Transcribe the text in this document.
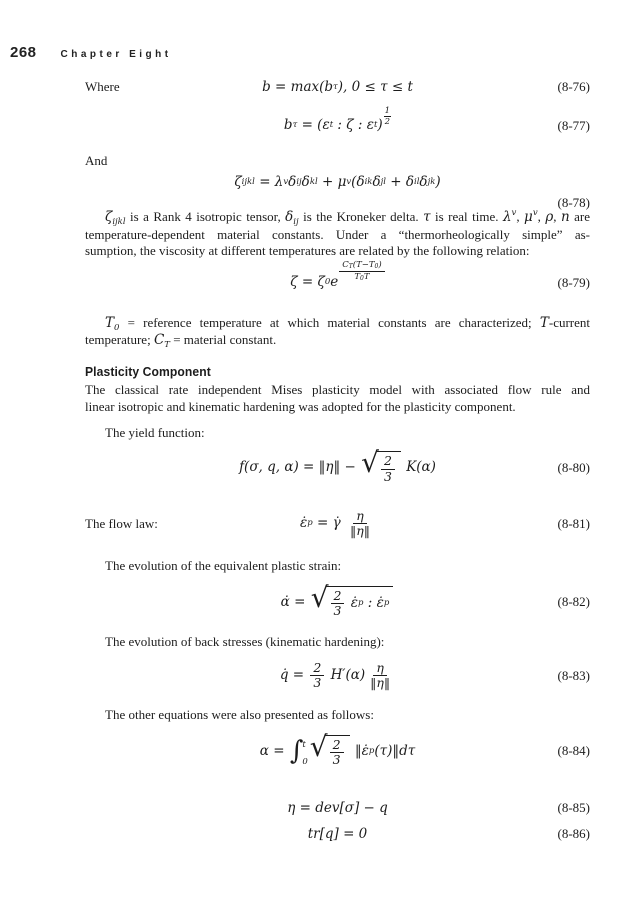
268 Chapter Eight
Where	b = max(b τ ), 0 ≤ τ ≤ t	(8-76)
b τ = (ε t : ζ : ε t )
1
2	(8-77)
And
ζ ijkl = λ v δ ij δ kl + μ v (δ ik δ jl + δ il δ jk )
(8-78)
$\zeta_{ijkl}$ is a Rank 4 isotropic tensor, $\delta_{ij}$ is the Kroneker delta. τ is real time. $\lambda^v$, $\mu^v$, ρ, n are
temperature-dependent material constants. Under a “thermorheologically simple” as-
sumption, the viscosity at different temperatures are related by the following relation:
ζ = ζ 0 e $\frac{C_T(T-T_0)}{T_0T}$	(8-79)
$T_0$ = reference temperature at which material constants are characterized; T-current
temperature; $C_T$ = material constant.
Plasticity Component
The classical rate independent Mises plasticity model with associated flow rule and
linear isotropic and kinematic hardening was adopted for the plasticity component.
The yield function:
f(σ, q, α) = ‖η‖ − √ $\frac{2}{3} K(\alpha)$	(8-80)
The flow law:	ε̇ p = γ̇ $\frac{\eta}{‖\eta‖}$	(8-81)
The evolution of the equivalent plastic strain:
α̇ = √ $\frac{2}{3}$ ε̇ p : ε̇ p	(8-82)
The evolution of back stresses (kinematic hardening):
q̇ = $\frac{2}{3} H'(\alpha) \frac{\eta}{‖\eta‖}$	(8-83)
The other equations were also presented as follows:
α = ∫ t
0 √ $\frac{2}{3}$ ‖ε̇ p (τ)‖dτ	(8-84)
η = dev[σ] − q	(8-85)
tr[q] = 0	(8-86)
